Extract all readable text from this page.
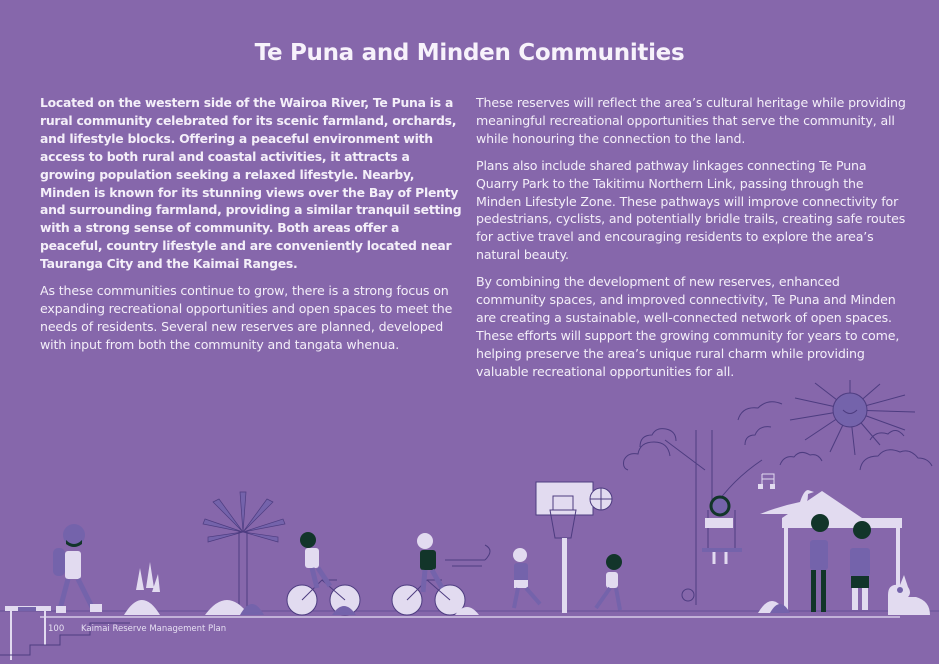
Te Puna and Minden Communities

Located on the western side of the Wairoa River, Te Puna is a rural community celebrated for its scenic farmland, orchards, and lifestyle blocks. Offering a peaceful environment with access to both rural and coastal activities, it attracts a growing population seeking a relaxed lifestyle. Nearby, Minden is known for its stunning views over the Bay of Plenty and surrounding farmland, providing a similar tranquil setting with a strong sense of community. Both areas offer a peaceful, country lifestyle and are conveniently located near Tauranga City and the Kaimai Ranges.

As these communities continue to grow, there is a strong focus on expanding recreational opportunities and open spaces to meet the needs of residents. Several new reserves are planned, developed with input from both the community and tangata whenua.

These reserves will reflect the area’s cultural heritage while providing meaningful recreational opportunities that serve the community, all while honouring the connection to the land.

Plans also include shared pathway linkages connecting Te Puna Quarry Park to the Takitimu Northern Link, passing through the Minden Lifestyle Zone. These pathways will improve connectivity for pedestrians, cyclists, and potentially bridle trails, creating safe routes for active travel and encouraging residents to explore the area’s natural beauty.

By combining the development of new reserves, enhanced community spaces, and improved connectivity, Te Puna and Minden are creating a sustainable, well-connected network of open spaces. These efforts will support the growing community for years to come, helping preserve the area’s unique rural charm while providing valuable recreational opportunities for all.

100 Kaimai Reserve Management Plan
